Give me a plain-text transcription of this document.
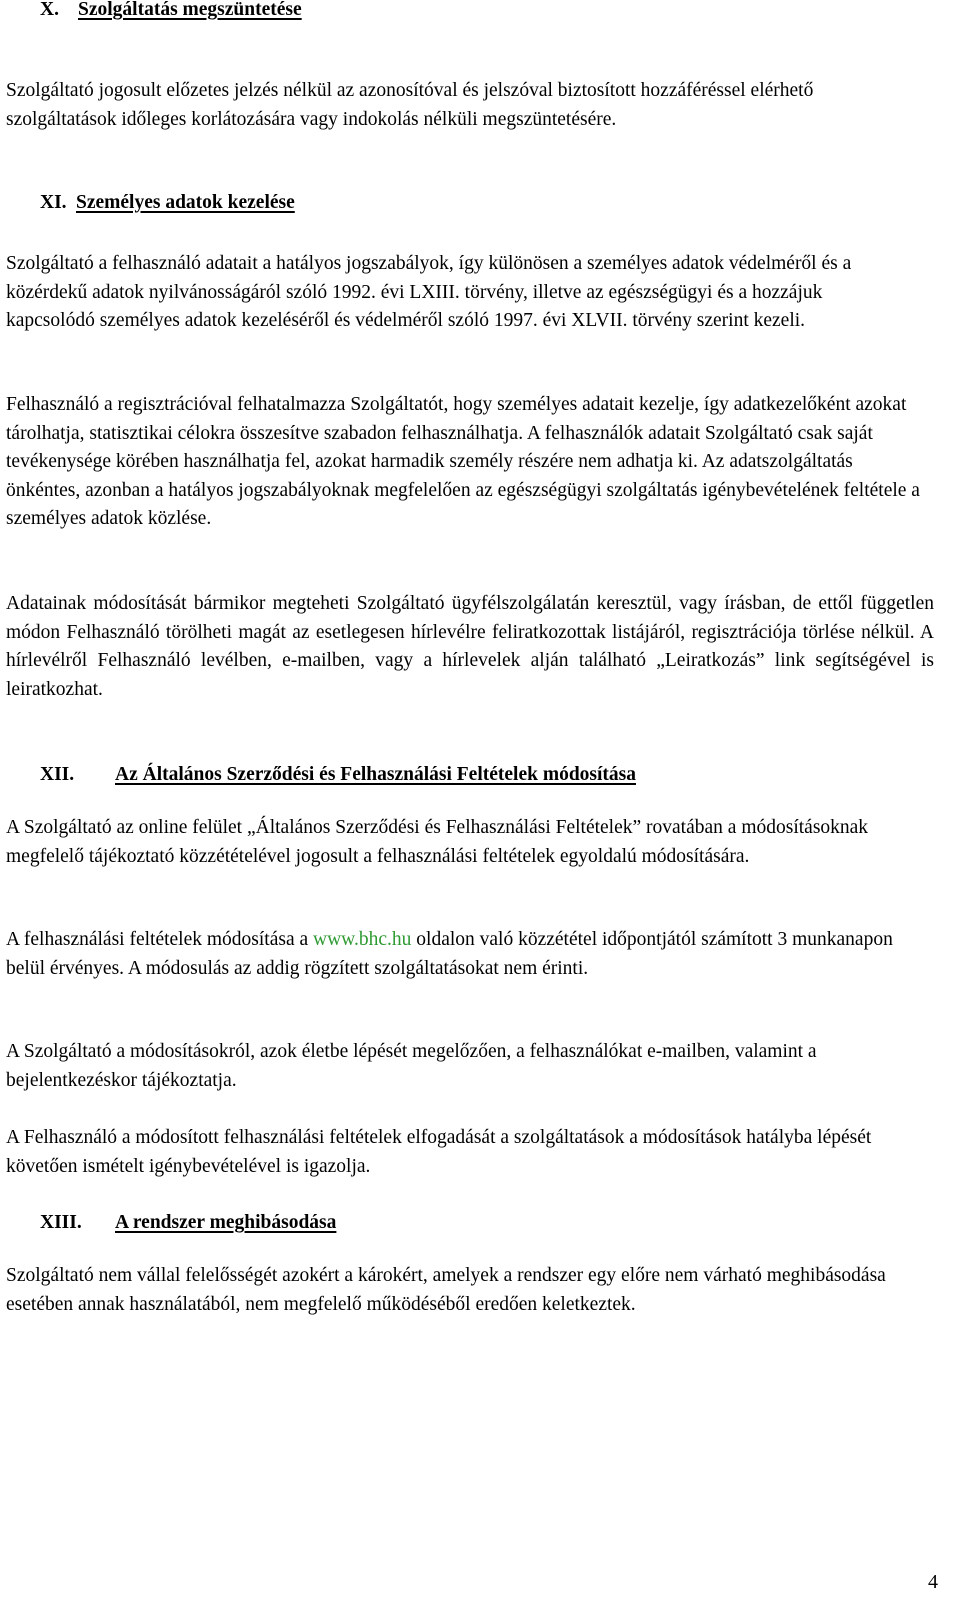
X. Szolgáltatás megszüntetése

Szolgáltató jogosult előzetes jelzés nélkül az azonosítóval és jelszóval biztosított hozzáféréssel elérhető szolgáltatások időleges korlátozására vagy indokolás nélküli megszüntetésére.

XI. Személyes adatok kezelése

Szolgáltató a felhasználó adatait a hatályos jogszabályok, így különösen a személyes adatok védelméről és a közérdekű adatok nyilvánosságáról szóló 1992. évi LXIII. törvény, illetve az egészségügyi és a hozzájuk kapcsolódó személyes adatok kezeléséről és védelméről szóló 1997. évi XLVII. törvény szerint kezeli.

Felhasználó a regisztrációval felhatalmazza Szolgáltatót, hogy személyes adatait kezelje, így adatkezelőként azokat tárolhatja, statisztikai célokra összesítve szabadon felhasználhatja. A felhasználók adatait Szolgáltató csak saját tevékenysége körében használhatja fel, azokat harmadik személy részére nem adhatja ki. Az adatszolgáltatás önkéntes, azonban a hatályos jogszabályoknak megfelelően az egészségügyi szolgáltatás igénybevételének feltétele a személyes adatok közlése.

Adatainak módosítását bármikor megteheti Szolgáltató ügyfélszolgálatán keresztül, vagy írásban, de ettől független módon Felhasználó törölheti magát az esetlegesen hírlevélre feliratkozottak listájáról, regisztrációja törlése nélkül. A hírlevélről Felhasználó levélben, e-mailben, vagy a hírlevelek alján található „Leiratkozás” link segítségével is leiratkozhat.

XII. Az Általános Szerződési és Felhasználási Feltételek módosítása

A Szolgáltató az online felület „Általános Szerződési és Felhasználási Feltételek” rovatában a módosításoknak megfelelő tájékoztató közzétételével jogosult a felhasználási feltételek egyoldalú módosítására.

A felhasználási feltételek módosítása a www.bhc.hu oldalon való közzététel időpontjától számított 3 munkanapon belül érvényes. A módosulás az addig rögzített szolgáltatásokat nem érinti.

A Szolgáltató a módosításokról, azok életbe lépését megelőzően, a felhasználókat e-mailben, valamint a bejelentkezéskor tájékoztatja.

A Felhasználó a módosított felhasználási feltételek elfogadását a szolgáltatások a módosítások hatályba lépését követően ismételt igénybevételével is igazolja.

XIII. A rendszer meghibásodása

Szolgáltató nem vállal felelősségét azokért a károkért, amelyek a rendszer egy előre nem várható meghibásodása esetében annak használatából, nem megfelelő működéséből eredően keletkeztek.

4
